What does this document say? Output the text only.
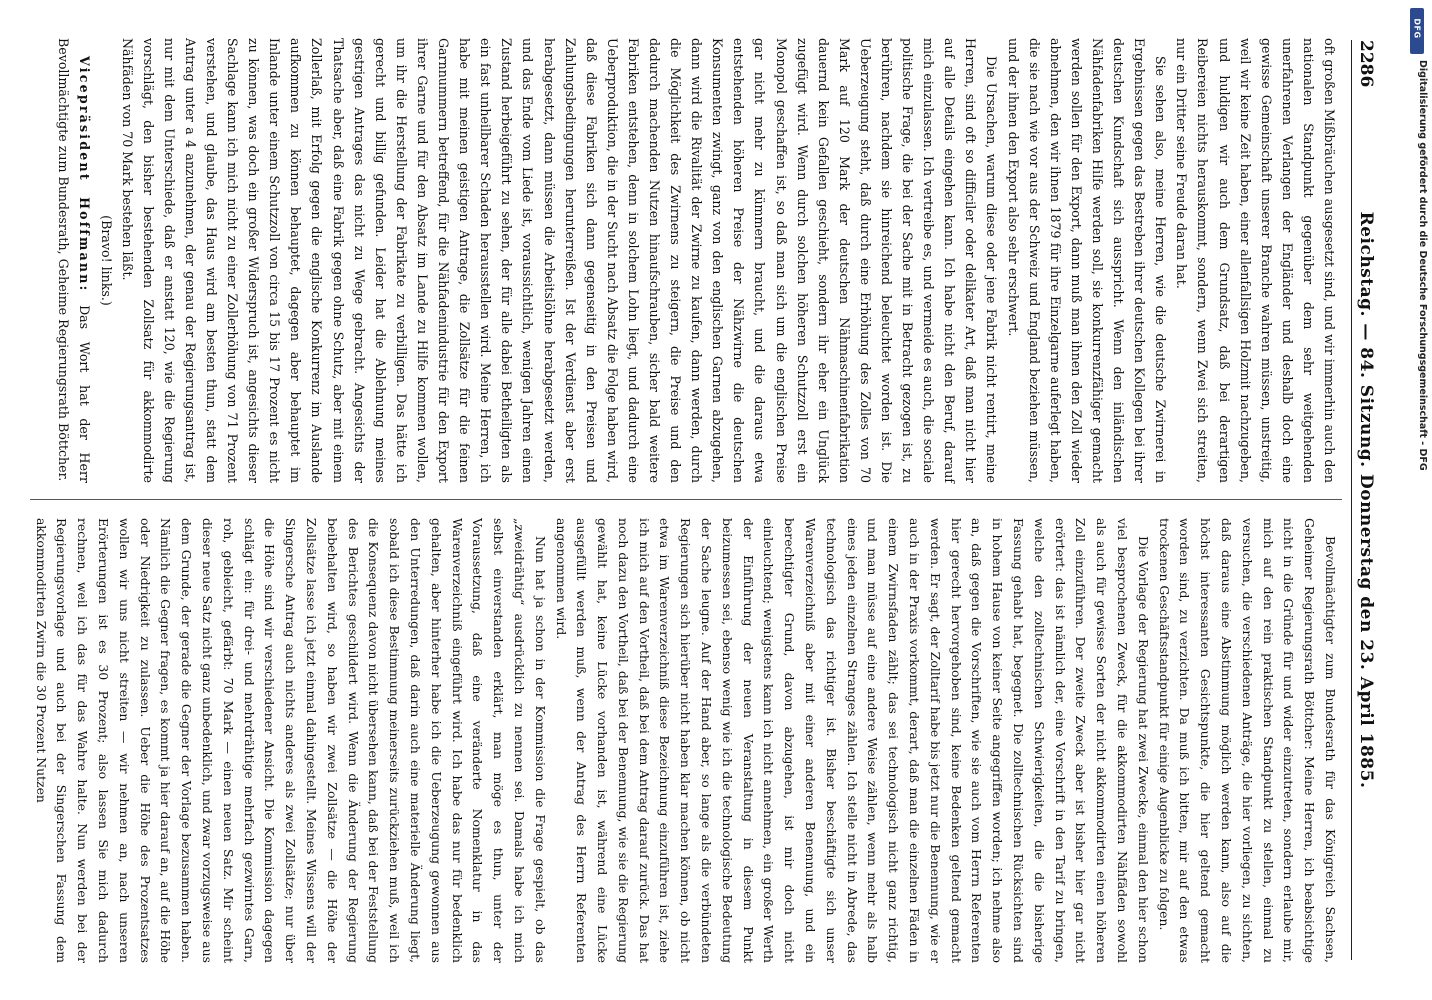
2286
Reichstag. — 84. Sitzung. Donnerstag den 23. April 1885.

oft großen Mißbräuchen ausgesetzt sind, und wir immerhin auch den nationalen Standpunkt gegenüber dem sehr weitgehenden unerfahrenen Verlangen der Engländer und deshalb doch eine gewisse Gemeinschaft unserer Branche wahren müssen, unstreitig, weil wir keine Zeit haben, einer allenfallsigen Holzmit nachzugeben, und huldigen wir auch dem Grundsatz, daß bei derartigen Reibereien nichts herauskommt, sondern, wenn Zwei sich streiten, nur ein Dritter seine Freude daran hat.

Sie sehen also, meine Herren, wie die deutsche Zwirnerei in Ergebnissen gegen das Bestreben ihrer deutschen Kollegen bei ihrer deutschen Kundschaft sich ausspricht. Wenn den inländischen Nähfadenfabriken Hilfe werden soll, sie konkurrenzfähiger gemacht werden sollen für den Export, dann muß man ihnen den Zoll wieder abnehmen, den wir ihnen 1879 für ihre Einzelgarne auferlegt haben, die sie nach wie vor aus der Schweiz und England beziehen müssen, und der ihnen den Export also sehr erschwert.

Die Ursachen, warum diese oder jene Fabrik nicht rentirt, meine Herren, sind oft so difficiler oder delikater Art, daß man nicht hier auf alle Details eingehen kann. Ich habe nicht den Beruf, darauf mich einzulassen. Ich vertreibe es, und vermeide es auch, die sociale politische Frage, die bei der Sache mit in Betracht gezogen ist, zu berühren, nachdem sie hinreichend beleuchtet worden ist. Die Ueberzeugung steht, daß durch eine Erhöhung des Zolles von 70 Mark auf 120 Mark der deutschen Nähmaschinenfabrikation dauernd kein Gefallen geschieht, sondern ihr eher ein Unglück zugefügt wird. Wenn durch solchen höheren Schutzzoll erst ein Monopol geschaffen ist, so daß man sich um die englischen Preise gar nicht mehr zu kümmern braucht, und die daraus etwa entstehenden höheren Preise der Nähzwirne die deutschen Konsumenten zwingt, ganz von den englischen Garnen abzugehen, dann wird die Rivalität der Zwirne zu kaufen, dann werden, durch die Möglichkeit des Zwirnens zu steigern, die Preise und den dadurch machenden Nutzen hinaufschrauben, sicher bald weitere Fabriken entstehen, denn in solchem Lohn liegt, und dadurch eine Ueberproduktion, die in der Sucht nach Absatz die Folge haben wird, daß diese Fabriken sich dann gegenseitig in den Preisen und Zahlungsbedingungen herunterreißen. Ist der Verdienst aber erst herabgesetzt, dann müssen die Arbeitslöhne herabgesetzt werden, und das Ende vom Liede ist, voraussichtlich, wenigen Jahren einen Zustand herbeigeführt zu sehen, der für alle dabei Betheiligten als ein fast unheilbarer Schaden herausstellen wird. Meine Herren, ich habe mit meinen geistigen Antrage, die Zollsätze für die feinen Garnnummern betreffend, für die Nähfadenindustrie für den Export ihrer Garne und für den Absatz im Lande zu Hilfe kommen wollen, um ihr die Herstellung der Fabrikate zu verbilligen. Das hätte ich gerecht und billig gefunden. Leider hat die Ablehnung meines gestrigen Antrages das nicht zu Wege gebracht. Angesichts der Thatsache aber, daß eine Fabrik gegen ohne Schutz, aber mit einem Zollerlaß, mit Erfolg gegen die englische Konkurrenz im Auslande aufkommen zu können behauptet, dagegen aber behauptet im Inlande unter einem Schutzzoll von circa 15 bis 17 Prozent es nicht zu können, was doch ein großer Widerspruch ist, angesichts dieser Sachlage kann ich mich nicht zu einer Zollerhöhung von 71 Prozent verstehen, und glaube, das Haus wird am besten thun, statt dem Antrag unter a 4 anzunehmen, der genau der Regierungsantrag ist, nur mit dem Unterschiede, daß er anstatt 120, wie die Regierung vorschlägt, den bisher bestehenden Zollsatz für akkommodirte Nähfäden von 70 Mark bestehen läßt.

(Bravo! links.)

Vicepräsident Hoffmann: Das Wort hat der Herr Bevollmächtigte zum Bundesrath, Geheime Regierungsrath Böttcher.

Bevollmächtigter zum Bundesrath für das Königreich Sachsen, Geheimer Regierungsrath Böttcher: Meine Herren, ich beabsichtige nicht in die Gründe für und wider einzutreten, sondern erlaube mir, mich auf den rein praktischen Standpunkt zu stellen, einmal zu versuchen, die verschiedenen Anträge, die hier vorliegen, zu sichten, daß daraus eine Abstimmung möglich werden kann, also auf die höchst interessanten Gesichtspunkte, die hier geltend gemacht worden sind, zu verzichten. Da muß ich bitten, mir auf den etwas trockenen Geschäftsstandpunkt für einige Augenblicke zu folgen.

Die Vorlage der Regierung hat zwei Zwecke, einmal den hier schon viel besprochenen Zweck, für die akkommodirten Nähfäden sowohl als auch für gewisse Sorten der nicht akkommodirten einen höheren Zoll einzuführen. Der zweite Zweck aber ist bisher hier gar nicht erörtert: das ist nämlich der, eine Vorschrift in den Tarif zu bringen, welche den zolltechnischen Schwierigkeiten, die die bisherige Fassung gehabt hat, begegnet. Die zolltechnischen Rücksichten sind in hohem Hause von keiner Seite angegriffen worden; ich nehme also an, daß gegen die Vorschriften, wie sie auch vom Herrn Referenten hier gerecht hervorgehoben sind, keine Bedenken geltend gemacht werden. Er sagt, der Zolltarif habe bis jetzt nur die Benennung, wie er auch in der Praxis vorkommt, derart, daß man die einzelnen Fäden in einem Zwirnsfaden zählt; das sei technologisch nicht ganz richtig, und man müsse auf eine andere Weise zählen, wenn mehr als halb eines jeden einzelnen Stranges zählen. Ich stelle nicht in Abrede, das technologisch das richtiger ist. Bisher beschäftigte sich unser Warenverzeichniß aber mit einer anderen Benennung, und ein berechtigter Grund, davon abzugehen, ist mir doch nicht einleuchtend; wenigstens kann ich nicht annehmen, ein großer Werth der Einführung der neuen Veranstaltung in diesem Punkt beizumessen sei, ebenso wenig wie ich die technologische Bedeutung der Sache leugne. Auf der Hand aber, so lange als die verbündeten Regierungen sich hierüber nicht haben klar machen können, ob nicht etwa im Warenverzeichniß diese Bezeichnung einzuführen ist, ziehe ich mich auf den Vortheil, daß bei dem Antrag darauf zurück. Das hat noch dazu den Vortheil, daß bei der Benennung, wie sie die Regierung gewählt hat, keine Lücke vorhanden ist, während eine Lücke ausgefüllt werden muß, wenn der Antrag des Herrn Referenten angenommen wird.

Nun hat ja schon in der Kommission die Frage gespielt, ob das „zweidrähtig“ ausdrücklich zu nennen sei. Damals habe ich mich selbst einverstanden erklärt, man möge es thun, unter der Voraussetzung, daß eine veränderte Nomenklatur in das Warenverzeichniß eingeführt wird. Ich habe das nur für bedenklich gehalten, aber hinterher habe ich die Ueberzeugung gewonnen aus den Unterredungen, daß darin auch eine materielle Änderung liegt, sobald ich diese Bestimmung meinerseits zurückziehen muß, weil ich die Konsequenz davon nicht übersehen kann, daß bei der Feststellung des Berichtes geschildert wird. Wenn die Änderung der Regierung beibehalten wird, so haben wir zwei Zollsätze — die Höhe der Zollsätze lasse ich jetzt einmal dahingestellt. Meines Wissens will der Singersche Antrag auch nichts anderes als zwei Zollsätze; nur über die Höhe sind wir verschiedener Ansicht. Die Kommission dagegen schlägt ein: für drei- und mehrdrähtige mehrfach gezwirntes Garn, roh, gebleicht, gefärbt: 70 Mark — einen neuen Satz. Mir scheint dieser neue Satz nicht ganz unbedenklich, und zwar vorzugsweise aus dem Grunde, der gerade die Gegner der Vorlage bezusammen haben. Nämlich die Gegner fragen, es kommt ja hier darauf an, auf die Höhe oder Niedrigkeit zu zulassen. Ueber die Höhe des Prozentsatzes wollen wir uns nicht streiten — wir nehmen an, nach unseren Erörterungen ist es 30 Prozent; also lassen Sie mich dadurch rechnen, weil ich das für das Wahre halte. Nun werden bei der Regierungsvorlage und auch bei der Singerschen Fassung dem akkommodirten Zwirn die 30 Prozent Nutzen

DFG
Digitalisierung gefördert durch die Deutsche Forschungsgemeinschaft - DFG
